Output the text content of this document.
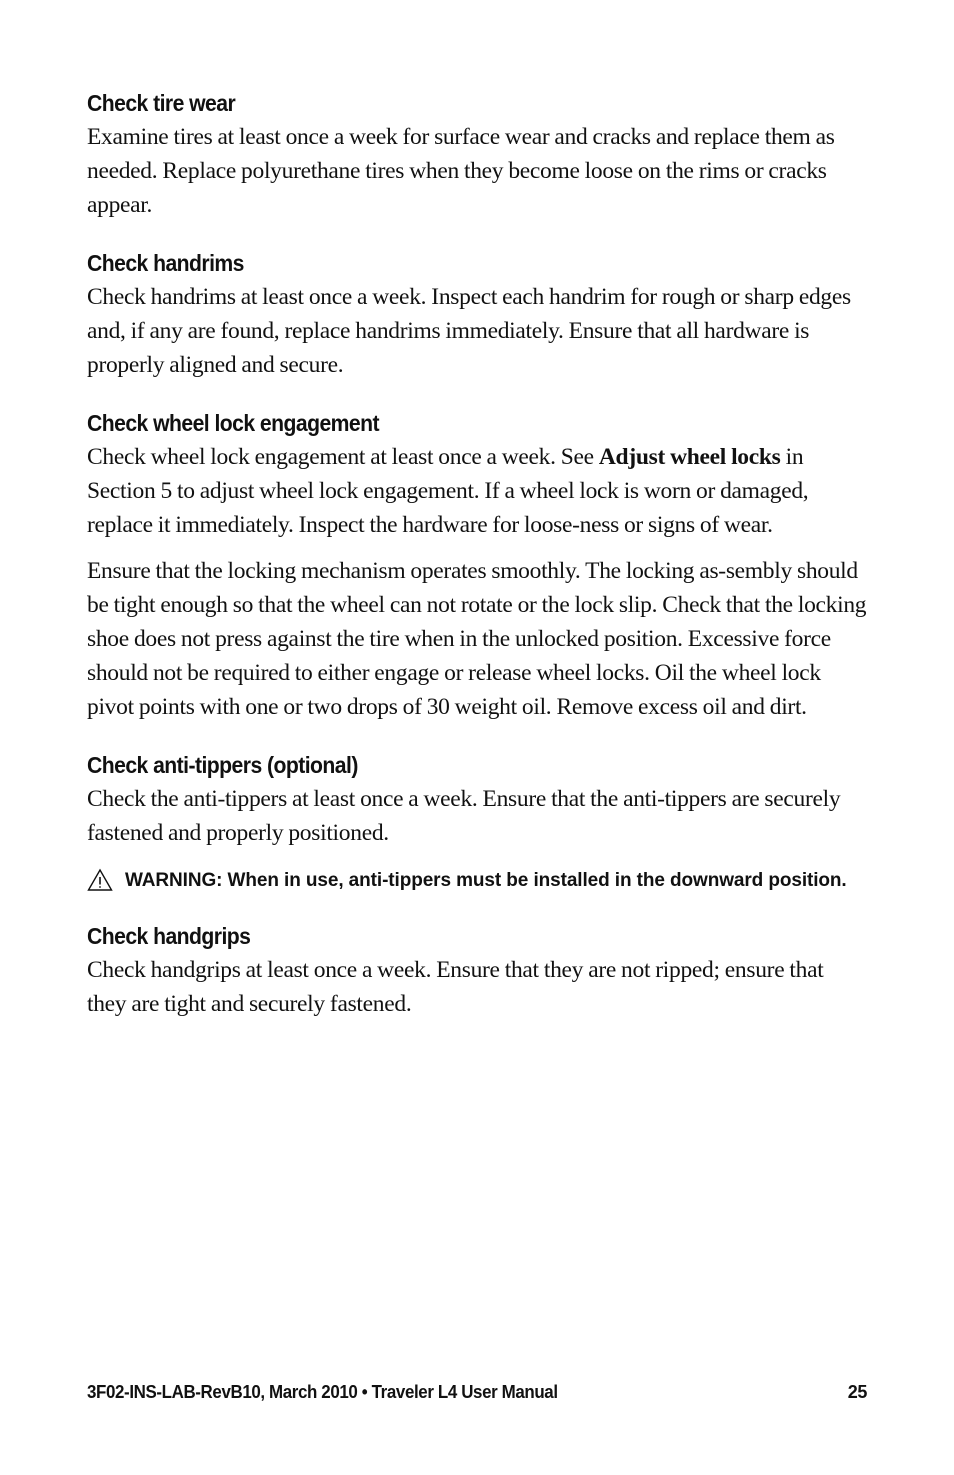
Check tire wear

Examine tires at least once a week for surface wear and cracks and replace them as needed. Replace polyurethane tires when they become loose on the rims or cracks appear.

Check handrims

Check handrims at least once a week. Inspect each handrim for rough or sharp edges and, if any are found, replace handrims immediately. Ensure that all hardware is properly aligned and secure.

Check wheel lock engagement

Check wheel lock engagement at least once a week. See Adjust wheel locks in Section 5 to adjust wheel lock engagement. If a wheel lock is worn or damaged, replace it immediately. Inspect the hardware for loose-ness or signs of wear.

Ensure that the locking mechanism operates smoothly. The locking as-sembly should be tight enough so that the wheel can not rotate or the lock slip. Check that the locking shoe does not press against the tire when in the unlocked position. Excessive force should not be required to either engage or release wheel locks. Oil the wheel lock pivot points with one or two drops of 30 weight oil. Remove excess oil and dirt.

Check anti-tippers (optional)

Check the anti-tippers at least once a week. Ensure that the anti-tippers are securely fastened and properly positioned.

WARNING: When in use, anti-tippers must be installed in the downward position.
Check handgrips

Check handgrips at least once a week. Ensure that they are not ripped; ensure that they are tight and securely fastened.

3F02-INS-LAB-RevB10, March 2010 • Traveler L4 User Manual	25
